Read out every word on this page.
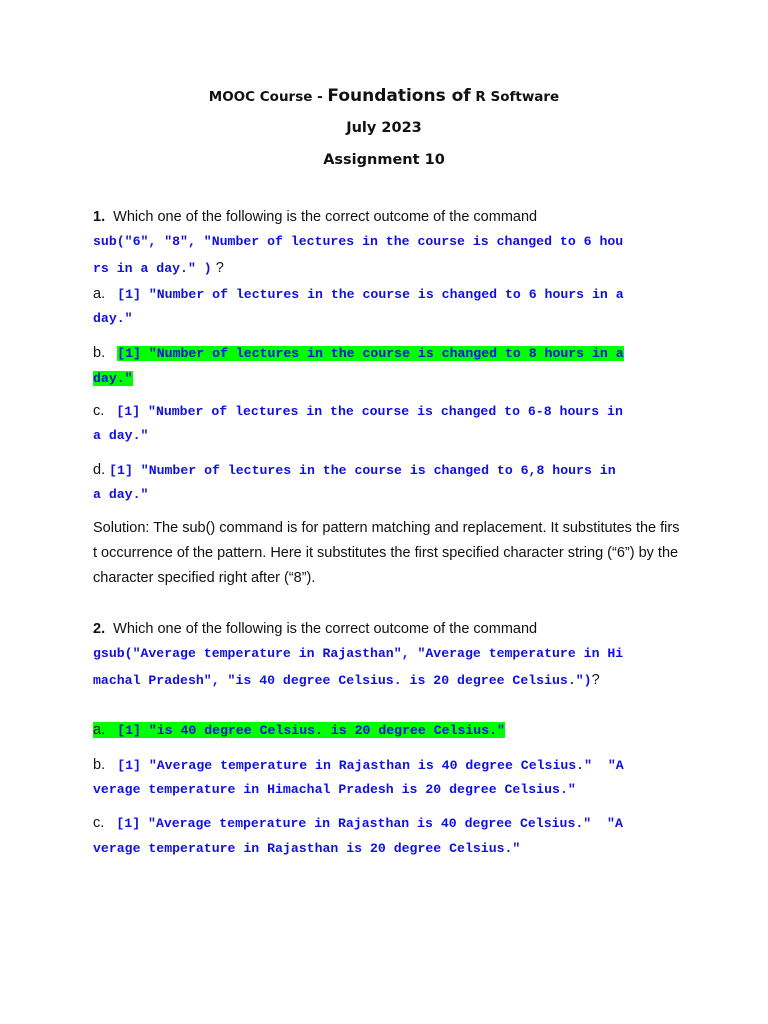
MOOC Course - Foundations of R Software
July 2023
Assignment 10
1. Which one of the following is the correct outcome of the command
sub("6", "8", "Number of lectures in the course is changed to 6 hou
rs in a day." ) ?
a. [1] "Number of lectures in the course is changed to 6 hours in a
day."
b. [1] "Number of lectures in the course is changed to 8 hours in a
day."
c. [1] "Number of lectures in the course is changed to 6-8 hours in
a day."
d. [1] "Number of lectures in the course is changed to 6,8 hours in
a day."
Solution: The sub() command is for pattern matching and replacement. It substitutes the firs
t occurrence of the pattern. Here it substitutes the first specified character string (“6”) by the
character specified right after (“8”).
2. Which one of the following is the correct outcome of the command
gsub("Average temperature in Rajasthan", "Average temperature in Hi
machal Pradesh", "is 40 degree Celsius. is 20 degree Celsius.")?
a. [1] "is 40 degree Celsius. is 20 degree Celsius."
b. [1] "Average temperature in Rajasthan is 40 degree Celsius."  "A
verage temperature in Himachal Pradesh is 20 degree Celsius."
c. [1] "Average temperature in Rajasthan is 40 degree Celsius."  "A
verage temperature in Rajasthan is 20 degree Celsius."
